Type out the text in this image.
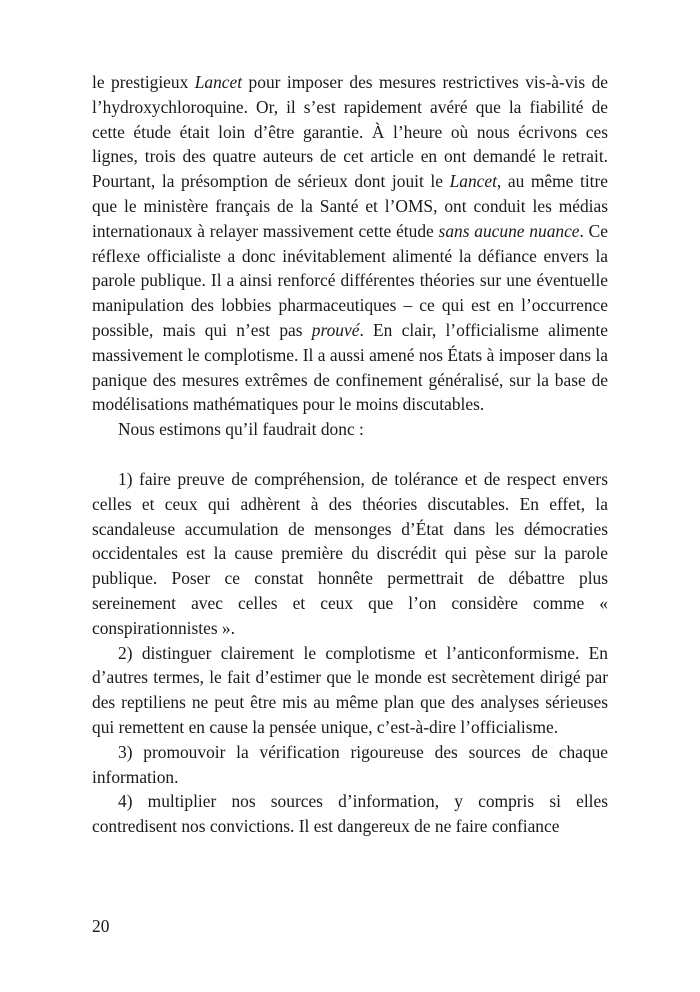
le prestigieux Lancet pour imposer des mesures restrictives vis-à-vis de l’hydroxychloroquine. Or, il s’est rapidement avéré que la fiabilité de cette étude était loin d’être garantie. À l’heure où nous écrivons ces lignes, trois des quatre auteurs de cet article en ont demandé le retrait. Pourtant, la présomption de sérieux dont jouit le Lancet, au même titre que le ministère français de la Santé et l’OMS, ont conduit les médias internationaux à relayer massivement cette étude sans aucune nuance. Ce réflexe officialiste a donc inévitablement alimenté la défiance envers la parole publique. Il a ainsi renforcé différentes théories sur une éventuelle manipulation des lobbies pharmaceutiques – ce qui est en l’occurrence possible, mais qui n’est pas prouvé. En clair, l’officialisme alimente massivement le complotisme. Il a aussi amené nos États à imposer dans la panique des mesures extrêmes de confinement généralisé, sur la base de modélisations mathématiques pour le moins discutables.

Nous estimons qu’il faudrait donc :

1) faire preuve de compréhension, de tolérance et de respect envers celles et ceux qui adhèrent à des théories discutables. En effet, la scandaleuse accumulation de mensonges d’État dans les démocraties occidentales est la cause première du discrédit qui pèse sur la parole publique. Poser ce constat honnête permettrait de débattre plus sereinement avec celles et ceux que l’on considère comme « conspirationnistes ».

2) distinguer clairement le complotisme et l’anticonformisme. En d’autres termes, le fait d’estimer que le monde est secrètement dirigé par des reptiliens ne peut être mis au même plan que des analyses sérieuses qui remettent en cause la pensée unique, c’est-à-dire l’officialisme.

3) promouvoir la vérification rigoureuse des sources de chaque information.

4) multiplier nos sources d’information, y compris si elles contredisent nos convictions. Il est dangereux de ne faire confiance

20
